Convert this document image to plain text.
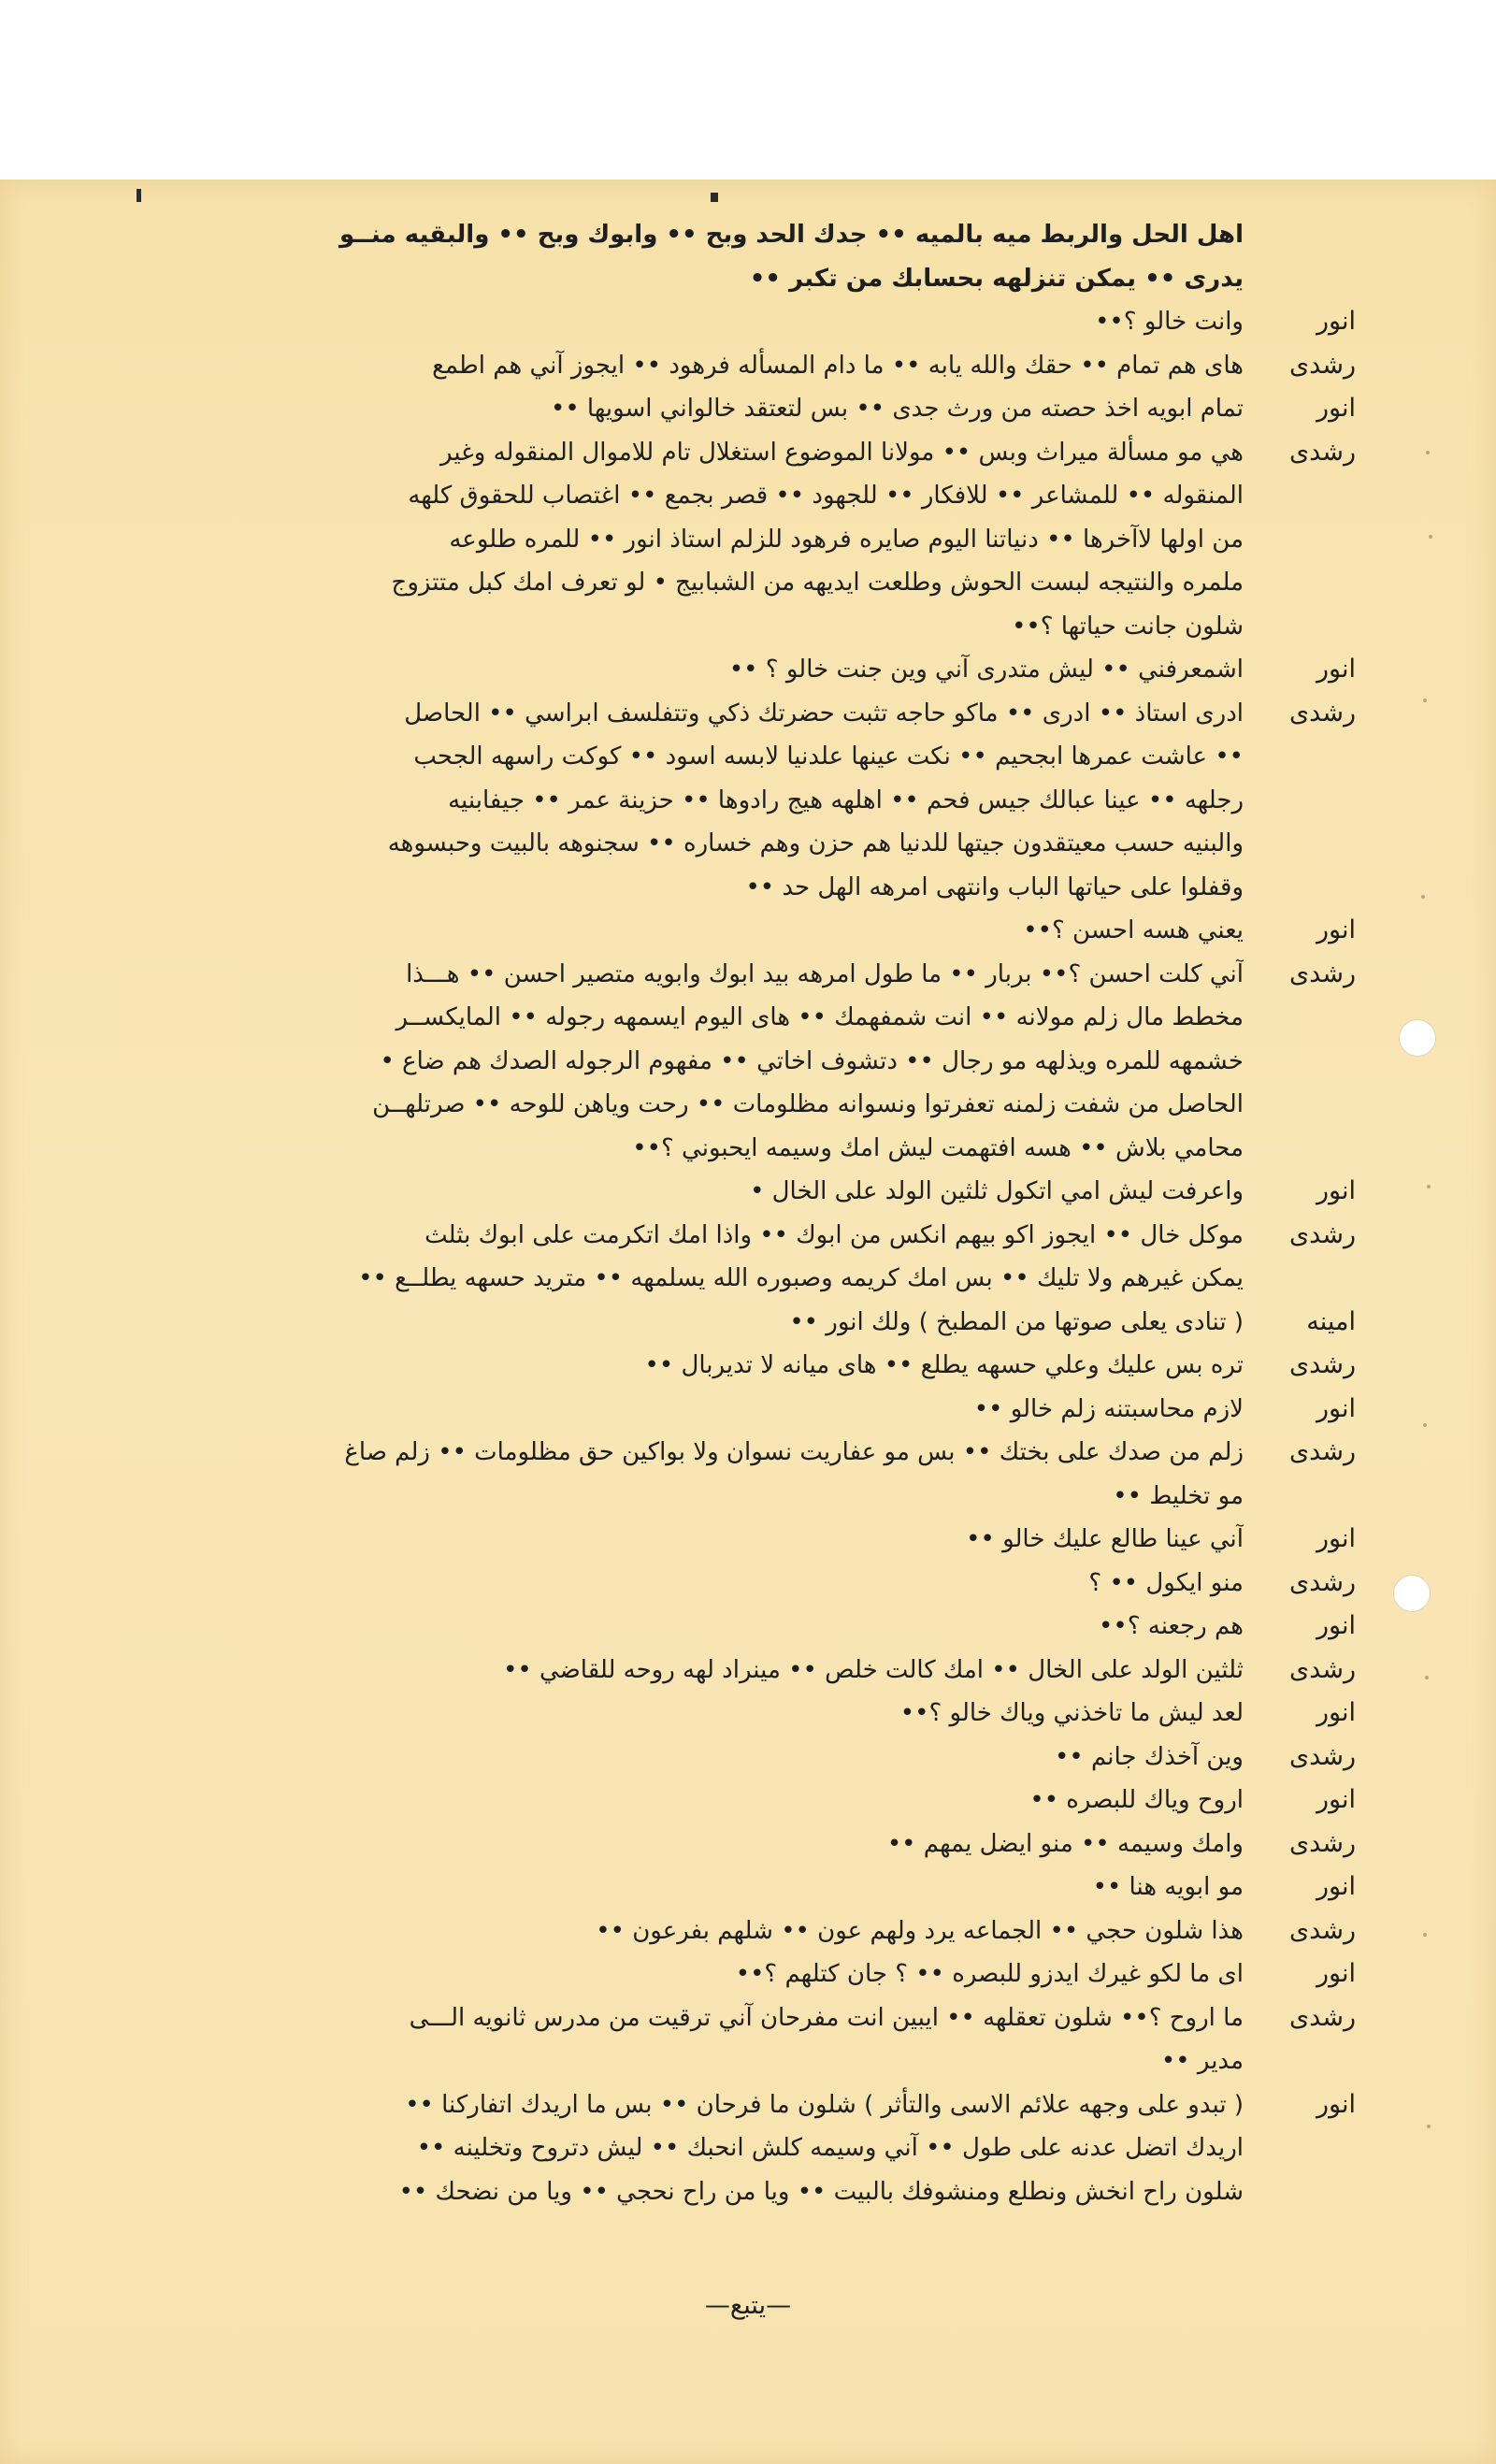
اهل الحل والربط ميه بالميه •• جدك الحد وبح •• وابوك وبح •• والبقيه منــو
يدرى •• يمكن تنزلهه بحسابك من تكبر ••
انور
وانت خالو ؟••
رشدى
هاى هم تمام •• حقك والله يابه •• ما دام المسأله فرهود •• ايجوز آني هم اطمع
انور
تمام ابويه اخذ حصته من ورث جدى •• بس لتعتقد خالواني اسويها ••
رشدى
هي مو مسألة ميراث وبس •• مولانا الموضوع استغلال تام للاموال المنقوله وغير
المنقوله •• للمشاعر •• للافكار •• للجهود •• قصر بجمع •• اغتصاب للحقوق كلهه
من اولها لاآخرها •• دنياتنا اليوم صايره فرهود للزلم استاذ انور •• للمره طلوعه
ملمره والنتيجه لبست الحوش وطلعت ايديهه من الشبابيج • لو تعرف امك كبل متتزوج
شلون جانت حياتها ؟••
انور
اشمعرفني •• ليش متدرى آني وين جنت خالو ؟ ••
رشدى
ادرى استاذ •• ادرى •• ماكو حاجه تثبت حضرتك ذكي وتتفلسف ابراسي •• الحاصل
•• عاشت عمرها ابجحيم •• نكت عينها علدنيا لابسه اسود •• كوكت راسهه الجحب
رجلهه •• عينا عبالك جيس فحم •• اهلهه هيج رادوها •• حزينة عمر •• جيفابنيه
والبنيه حسب معيتقدون جيتها للدنيا هم حزن وهم خساره •• سجنوهه بالبيت وحبسوهه
وقفلوا على حياتها الباب وانتهى امرهه الهل حد ••
انور
يعني هسه احسن ؟••
رشدى
آني كلت احسن ؟•• بربار •• ما طول امرهه بيد ابوك وابويه متصير احسن •• هـــذا
مخطط مال زلم مولانه •• انت شمفهمك •• هاى اليوم ايسمهه رجوله •• المايكســر
خشمهه للمره ويذلهه مو رجال •• دتشوف اخاتي •• مفهوم الرجوله الصدك هم ضاع •
الحاصل من شفت زلمنه تعفرتوا ونسوانه مظلومات •• رحت وياهن للوحه •• صرتلهــن
محامي بلاش •• هسه افتهمت ليش امك وسيمه ايحبوني ؟••
انور
واعرفت ليش امي اتكول ثلثين الولد على الخال •
رشدى
موكل خال •• ايجوز اكو بيهم انكس من ابوك •• واذا امك اتكرمت على ابوك بثلث
يمكن غيرهم ولا تليك •• بس امك كريمه وصبوره الله يسلمهه •• متريد حسهه يطلــع ••
امينه
( تنادى يعلى صوتها من المطبخ ) ولك انور ••
رشدى
تره بس عليك وعلي حسهه يطلع •• هاى ميانه لا تديربال ••
انور
لازم محاسبتنه زلم خالو ••
رشدى
زلم من صدك على بختك •• بس مو عفاريت نسوان ولا بواكين حق مظلومات •• زلم صاغ
مو تخليط ••
انور
آني عينا طالع عليك خالو ••
رشدى
منو ايكول •• ؟
انور
هم رجعنه ؟••
رشدى
ثلثين الولد على الخال •• امك كالت خلص •• مينراد لهه روحه للقاضي ••
انور
لعد ليش ما تاخذني وياك خالو ؟••
رشدى
وين آخذك جانم ••
انور
اروح وياك للبصره ••
رشدى
وامك وسيمه •• منو ايضل يمهم ••
انور
مو ابويه هنا ••
رشدى
هذا شلون حجي •• الجماعه يرد ولهم عون •• شلهم بفرعون ••
انور
اى ما لكو غيرك ايدزو للبصره •• ؟ جان كتلهم ؟••
رشدى
ما اروح ؟•• شلون تعقلهه •• ايبين انت مفرحان آني ترقيت من مدرس ثانويه الـــى
مدير ••
انور
( تبدو على وجهه علائم الاسى والتأثر ) شلون ما فرحان •• بس ما اريدك اتفاركنا ••
اريدك اتضل عدنه على طول •• آني وسيمه كلش انحبك •• ليش دتروح وتخلينه ••
شلون راح انخش ونطلع ومنشوفك بالبيت •• ويا من راح نحجي •• ويا من نضحك ••
—يتبع—
